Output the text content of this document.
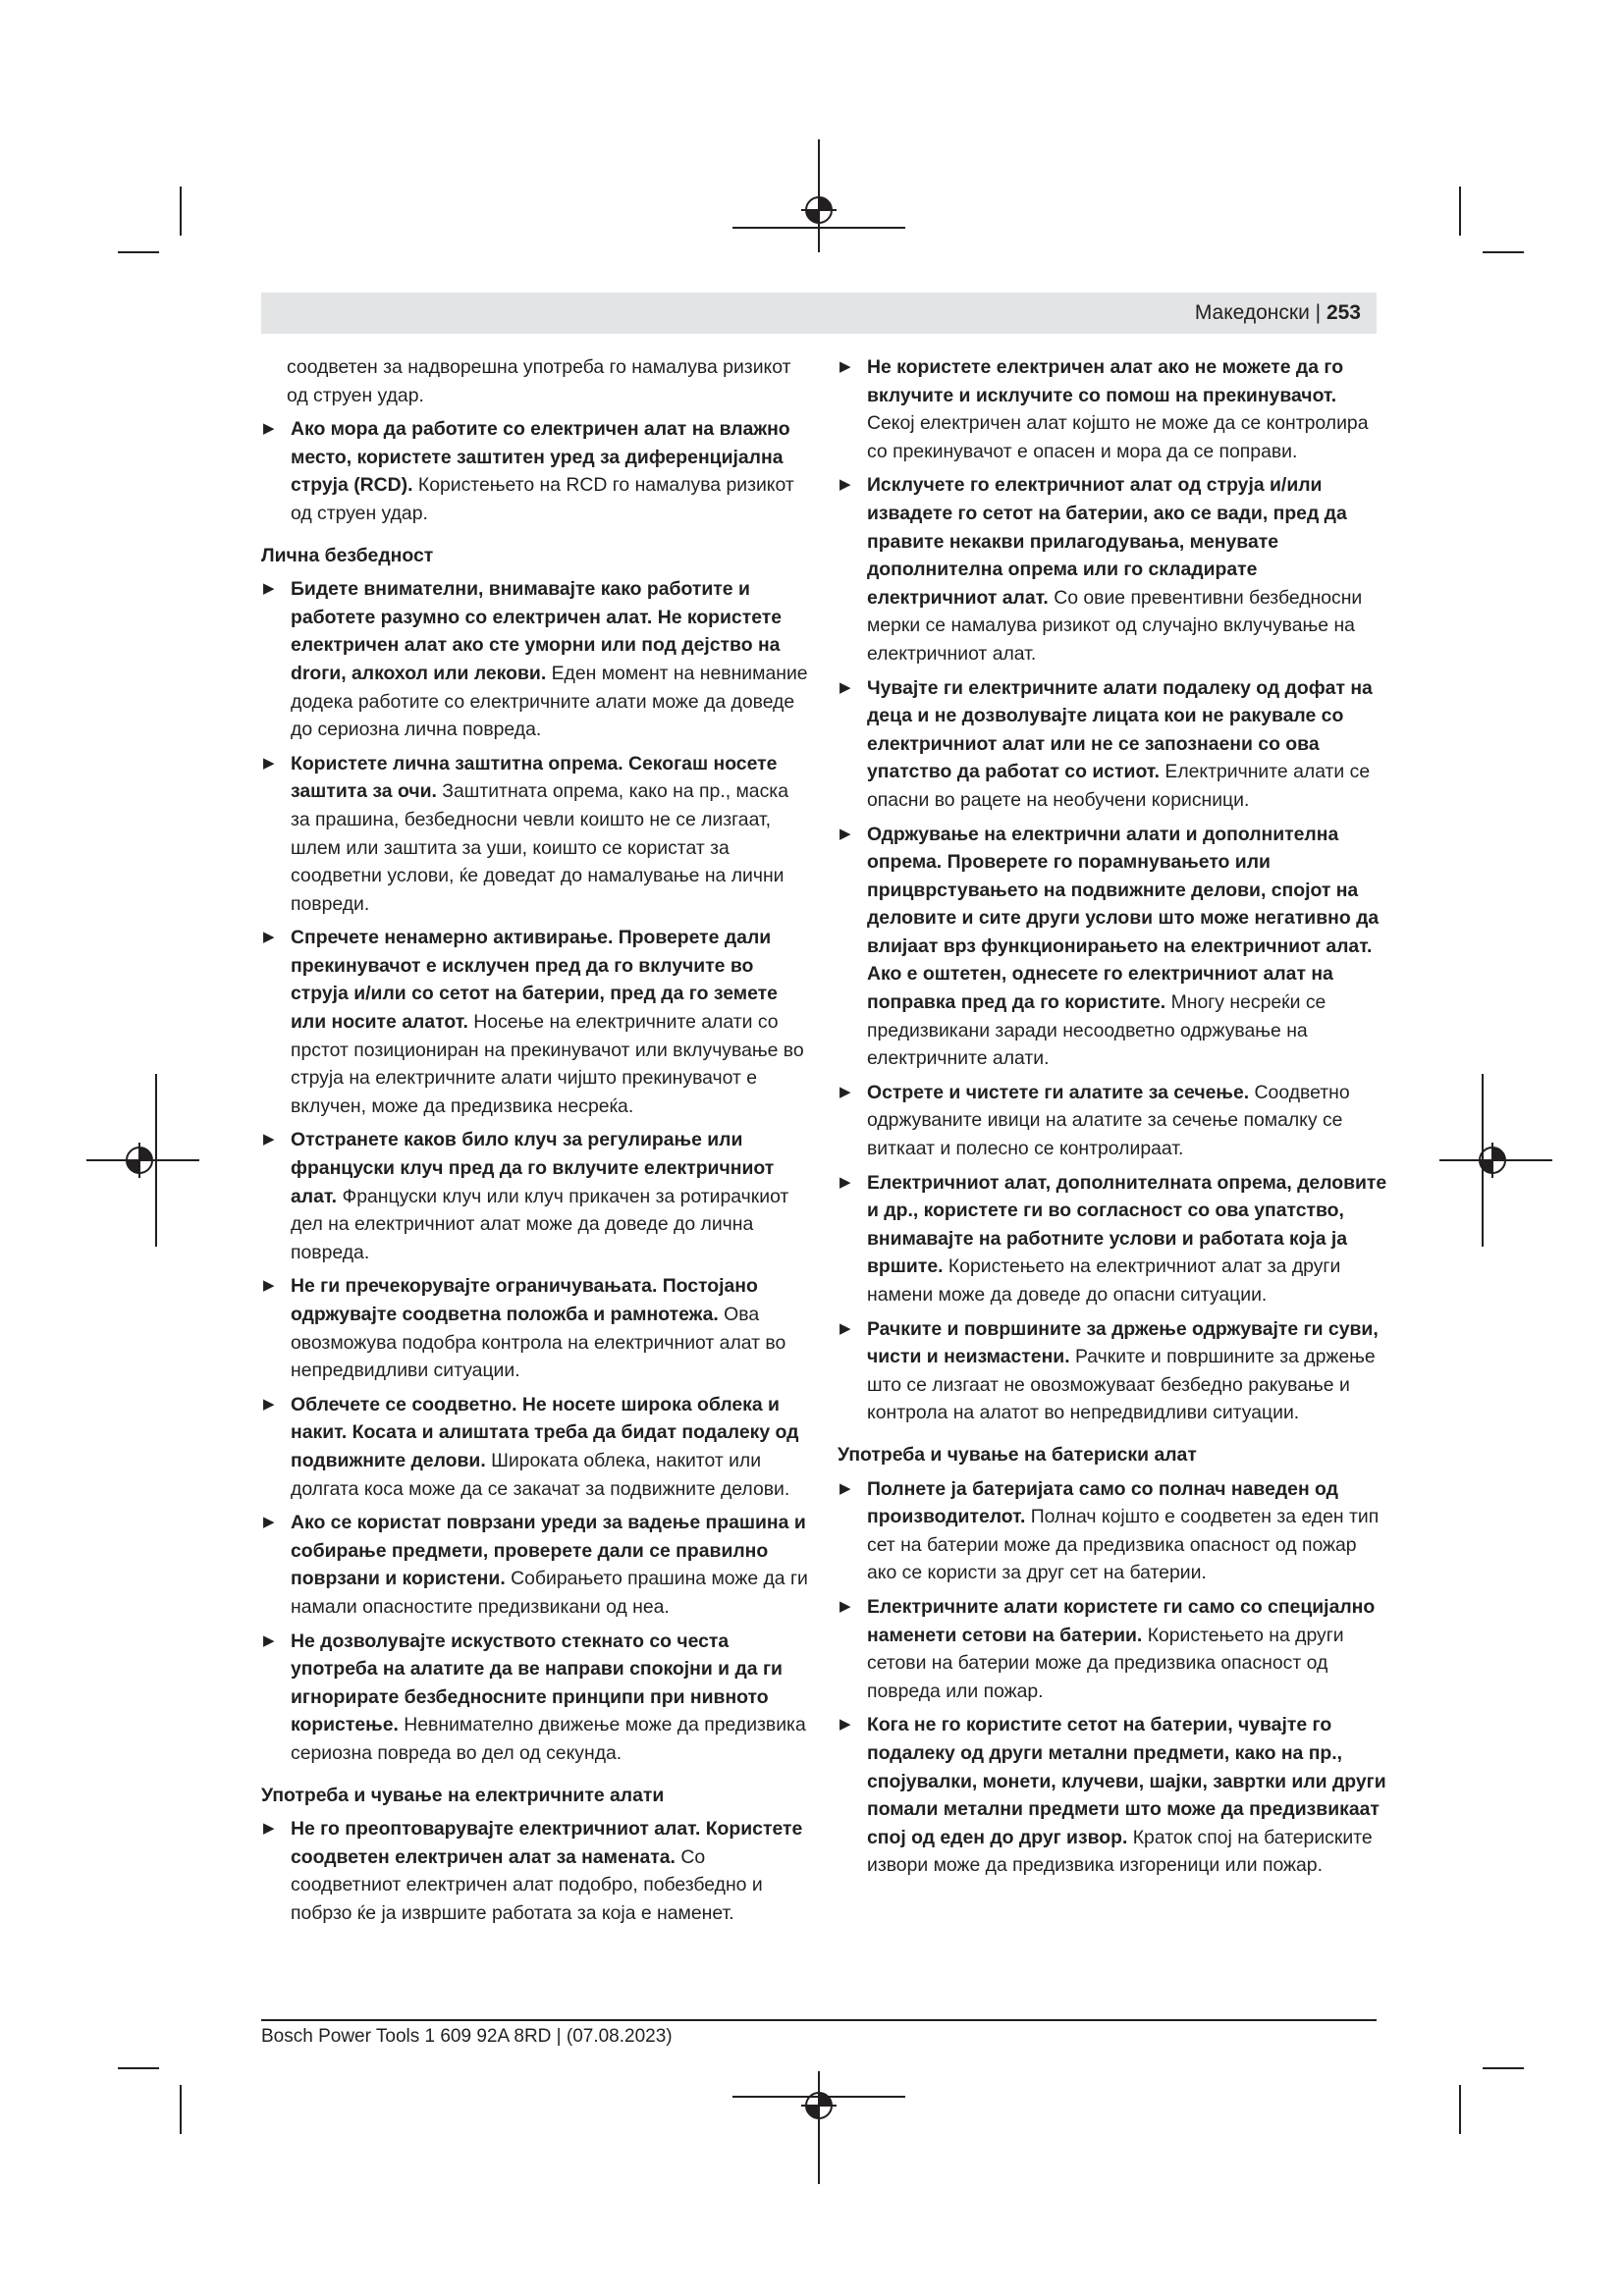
Македонски | 253
соодветен за надворешна употреба го намалува ризикот од струен удар.
▶ Ако мора да работите со електричен алат на влажно место, користете заштитен уред за диференцијална струја (RCD). Користењето на RCD го намалува ризикот од струен удар.
Лична безбедност
▶ Бидете внимателни, внимавајте како работите и работете разумно со електричен алат. Не користете електричен алат ако сте уморни или под дејство на droги, алкохол или лекови. Еден момент на невнимание додека работите со електричните алати може да доведе до сериозна лична повреда.
▶ Користете лична заштитна опрема. Секогаш носете заштита за очи. Заштитната опрема, како на пр., маска за прашина, безбедносни чевли коишто не се лизгаат, шлем или заштита за уши, коишто се користат за соодветни услови, ќе доведат до намалување на лични повреди.
▶ Спречете ненамерно активирање. Проверете дали прекинувачот е исклучен пред да го вклучите во струја и/или со сетот на батерии, пред да го земете или носите алатот. Носење на електричните алати со прстот позициониран на прекинувачот или вклучување во струја на електричните алати чијшто прекинувачот е вклучен, може да предизвика несреќа.
▶ Отстранете каков било клуч за регулирање или француски клуч пред да го вклучите електричниот алат. Француски клуч или клуч прикачен за ротирачкиот дел на електричниот алат може да доведе до лична повреда.
▶ Не ги пречекорувајте ограничувањата. Постојано одржувајте соодветна положба и рамнотежа. Ова овозможува подобра контрола на електричниот алат во непредвидливи ситуации.
▶ Облечете се соодветно. Не носете широка облека и накит. Косата и алиштата треба да бидат подалеку од подвижните делови. Широката облека, накитот или долгата коса може да се закачат за подвижните делови.
▶ Ако се користат поврзани уреди за вадење прашина и собирање предмети, проверете дали се правилно поврзани и користени. Собирањето прашина може да ги намали опасностите предизвикани од неа.
▶ Не дозволувајте искуството стекнато со честа употреба на алатите да ве направи спокојни и да ги игнорирате безбедносните принципи при нивното користење. Невнимателно движење може да предизвика сериозна повреда во дел од секунда.
Употреба и чување на електричните алати
▶ Не го преоптоварувајте електричниот алат. Користете соодветен електричен алат за намената. Со соодветниот електричен алат подобро, побезбедно и побрзо ќе ја извршите работата за која е наменет.
▶ Не користете електричен алат ако не можете да го вклучите и исклучите со помош на прекинувачот. Секој електричен алат којшто не може да се контролира со прекинувачот е опасен и мора да се поправи.
▶ Исклучете го електричниот алат од струја и/или извадете го сетот на батерии, ако се вади, пред да правите некакви прилагодувања, менувате дополнителна опрема или го складирате електричниот алат. Со овие превентивни безбедносни мерки се намалува ризикот од случајно вклучување на електричниот алат.
▶ Чувајте ги електричните алати подалеку од дофат на деца и не дозволувајте лицата кои не ракувале со електричниот алат или не се запознаени со ова упатство да работат со истиот. Електричните алати се опасни во рацете на необучени корисници.
▶ Одржување на електрични алати и дополнителна опрема. Проверете го порамнувањето или прицврстувањето на подвижните делови, спојот на деловите и сите други услови што може негативно да влијаат врз функционирањето на електричниот алат. Ако е оштетен, однесете го електричниот алат на поправка пред да го користите. Многу несреќи се предизвикани заради несоодветно одржување на електричните алати.
▶ Острете и чистете ги алатите за сечење. Соодветно одржуваните ивици на алатите за сечење помалку се виткаат и полесно се контролираат.
▶ Електричниот алат, дополнителната опрема, деловите и др., користете ги во согласност со ова упатство, внимавајте на работните услови и работата која ја вршите. Користењето на електричниот алат за други намени може да доведе до опасни ситуации.
▶ Рачките и површините за држење одржувајте ги суви, чисти и неизмастени. Рачките и површините за држење што се лизгаат не овозможуваат безбедно ракување и контрола на алатот во непредвидливи ситуации.
Употреба и чување на батериски алат
▶ Полнете ја батеријата само со полнач наведен од производителот. Полнач којшто е соодветен за еден тип сет на батерии може да предизвика опасност од пожар ако се користи за друг сет на батерии.
▶ Електричните алати користете ги само со специјално наменети сетови на батерии. Користењето на други сетови на батерии може да предизвика опасност од повреда или пожар.
▶ Кога не го користите сетот на батерии, чувајте го подалеку од други метални предмети, како на пр., спојувалки, монети, клучеви, шајки, завртки или други помали метални предмети што може да предизвикаат спој од еден до друг извор. Краток спој на батериските извори може да предизвика изгореници или пожар.
Bosch Power Tools 1 609 92A 8RD | (07.08.2023)
